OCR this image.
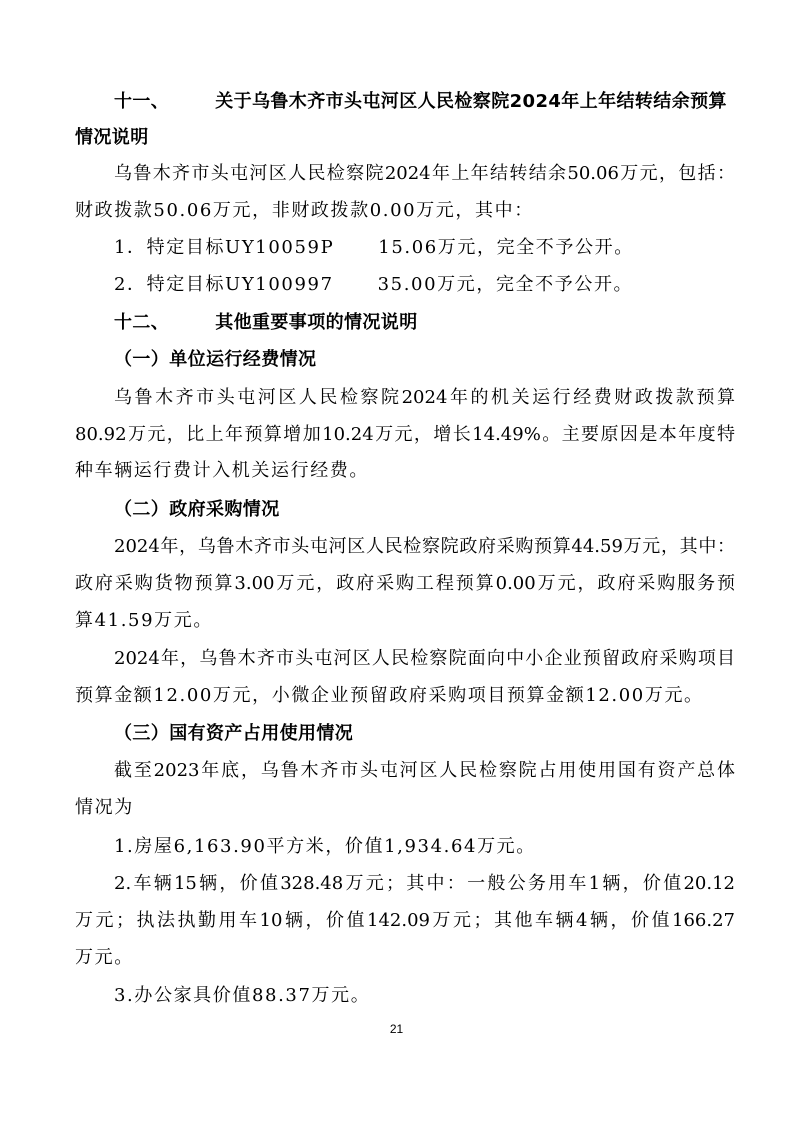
十一、	关于乌鲁木齐市头屯河区人民检察院2024年上年结转结余预算
情况说明
乌鲁木齐市头屯河区人民检察院2024年上年结转结余50.06万元，包括：
财政拨款50.06万元，非财政拨款0.00万元，其中：
1．特定目标UY10059P 15.06万元，完全不予公开。
2．特定目标UY100997 35.00万元，完全不予公开。
十二、	其他重要事项的情况说明
（一）单位运行经费情况
乌鲁木齐市头屯河区人民检察院2024年的机关运行经费财政拨款预算
80.92万元，比上年预算增加10.24万元，增长14.49%。主要原因是本年度特
种车辆运行费计入机关运行经费。
（二）政府采购情况
2024年，乌鲁木齐市头屯河区人民检察院政府采购预算44.59万元，其中：
政府采购货物预算3.00万元，政府采购工程预算0.00万元，政府采购服务预
算41.59万元。
2024年，乌鲁木齐市头屯河区人民检察院面向中小企业预留政府采购项目
预算金额12.00万元，小微企业预留政府采购项目预算金额12.00万元。
（三）国有资产占用使用情况
截至2023年底，乌鲁木齐市头屯河区人民检察院占用使用国有资产总体
情况为
1.房屋6,163.90平方米，价值1,934.64万元。
2.车辆15辆，价值328.48万元；其中：一般公务用车1辆，价值20.12
万元；执法执勤用车10辆，价值142.09万元；其他车辆4辆，价值166.27
万元。
3.办公家具价值88.37万元。
21
